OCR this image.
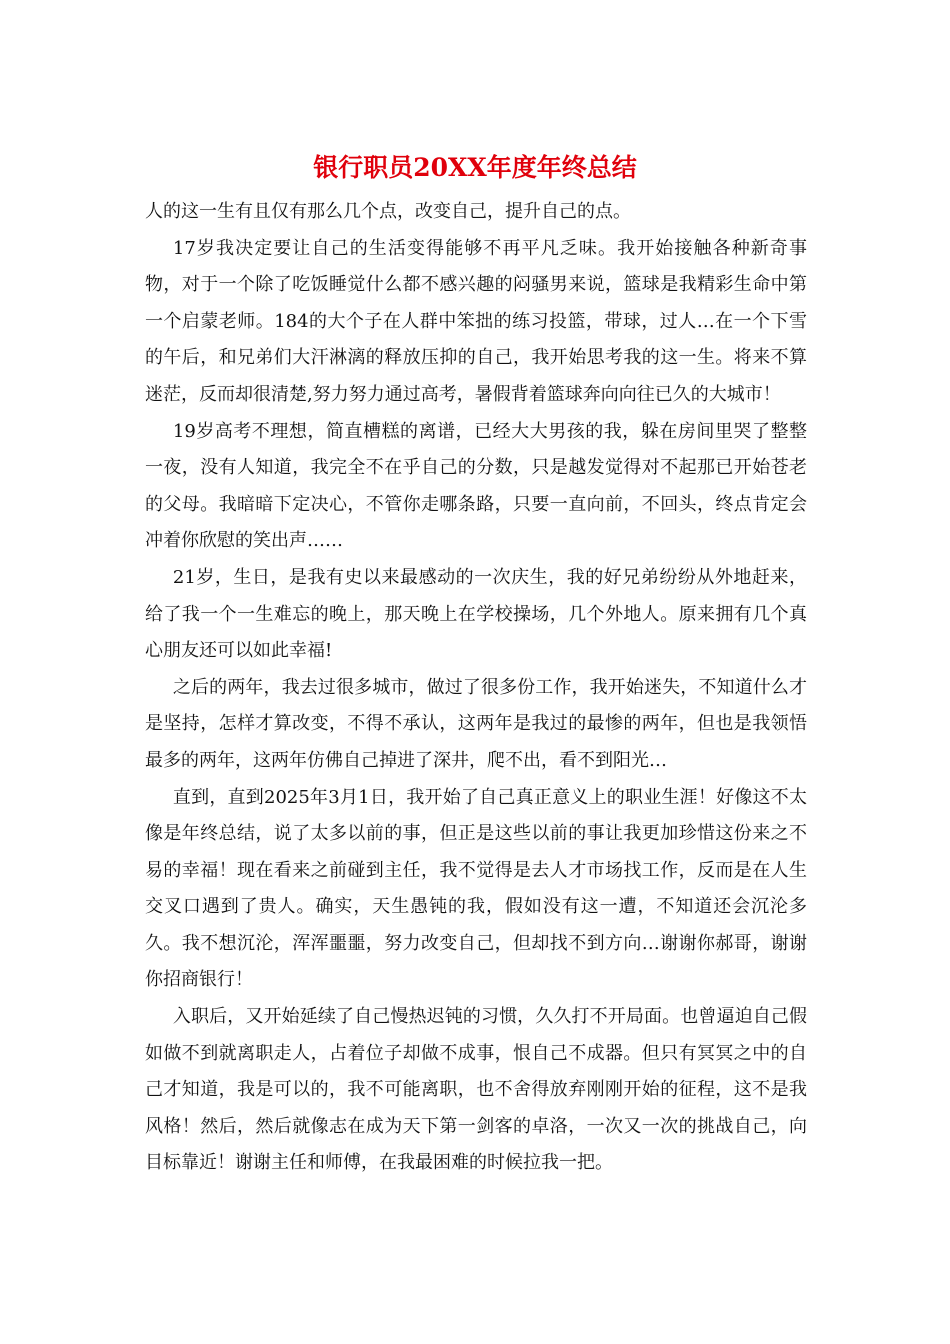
银行职员20XX年度年终总结

人的这一生有且仅有那么几个点，改变自己，提升自己的点。

17岁我决定要让自己的生活变得能够不再平凡乏味。我开始接触各种新奇事物，对于一个除了吃饭睡觉什么都不感兴趣的闷骚男来说，篮球是我精彩生命中第一个启蒙老师。184的大个子在人群中笨拙的练习投篮，带球，过人…在一个下雪的午后，和兄弟们大汗淋漓的释放压抑的自己，我开始思考我的这一生。将来不算迷茫，反而却很清楚,努力努力通过高考，暑假背着篮球奔向向往已久的大城市！

19岁高考不理想，简直槽糕的离谱，已经大大男孩的我，躲在房间里哭了整整一夜，没有人知道，我完全不在乎自己的分数，只是越发觉得对不起那已开始苍老的父母。我暗暗下定决心，不管你走哪条路，只要一直向前，不回头，终点肯定会冲着你欣慰的笑出声……

21岁，生日，是我有史以来最感动的一次庆生，我的好兄弟纷纷从外地赶来，给了我一个一生难忘的晚上，那天晚上在学校操场，几个外地人。原来拥有几个真心朋友还可以如此幸福!

之后的两年，我去过很多城市，做过了很多份工作，我开始迷失，不知道什么才是坚持，怎样才算改变，不得不承认，这两年是我过的最惨的两年，但也是我领悟最多的两年，这两年仿佛自己掉进了深井，爬不出，看不到阳光…

直到，直到2025年3月1日，我开始了自己真正意义上的职业生涯！好像这不太像是年终总结，说了太多以前的事，但正是这些以前的事让我更加珍惜这份来之不易的幸福！现在看来之前碰到主任，我不觉得是去人才市场找工作，反而是在人生交叉口遇到了贵人。确实，天生愚钝的我，假如没有这一遭，不知道还会沉沦多久。我不想沉沦，浑浑噩噩，努力改变自己，但却找不到方向…谢谢你郝哥，谢谢你招商银行！

入职后，又开始延续了自己慢热迟钝的习惯，久久打不开局面。也曾逼迫自己假如做不到就离职走人，占着位子却做不成事，恨自己不成器。但只有冥冥之中的自己才知道，我是可以的，我不可能离职，也不舍得放弃刚刚开始的征程，这不是我风格！然后，然后就像志在成为天下第一剑客的卓洛，一次又一次的挑战自己，向目标靠近！谢谢主任和师傅，在我最困难的时候拉我一把。
